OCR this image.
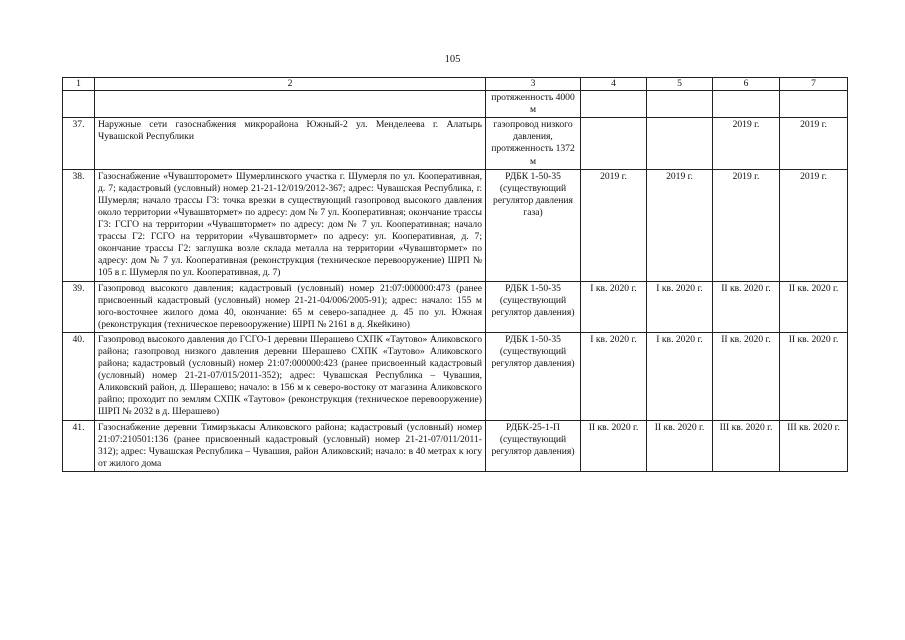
105
1	2	3	4	5	6	7
		протяженность 4000 м				
37.	Наружные сети газоснабжения микрорайона Южный-2 ул. Менделеева г. Алатырь Чувашской Республики	газопровод низкого давления, протяженность 1372 м			2019 г.	2019 г.
38.	Газоснабжение «Чувашторомет» Шумерлинского участка г. Шумерля по ул. Кооперативная, д. 7; кадастровый (условный) номер 21-21-12/019/2012-367; адрес: Чувашская Республика, г. Шумерля; начало трассы Г3: точка врезки в существующий газопровод высокого давления около территории «Чувашвтормет» по адресу: дом № 7 ул. Кооперативная; окончание трассы Г3: ГСГО на территории «Чувашвтормет» по адресу: дом № 7 ул. Кооперативная; начало трассы Г2: ГСГО на территории «Чувашвтормет» по адресу: ул. Кооперативная, д. 7; окончание трассы Г2: заглушка возле склада металла на территории «Чувашвтормет» по адресу: дом № 7 ул. Кооперативная (реконструкция (техническое перевооружение) ШРП № 105 в г. Шумерля по ул. Кооперативная, д. 7)	РДБК 1-50-35 (существующий регулятор давления газа)	2019 г.	2019 г.	2019 г.	2019 г.
39.	Газопровод высокого давления; кадастровый (условный) номер 21:07:000000:473 (ранее присвоенный кадастровый (условный) номер 21-21-04/006/2005-91); адрес: начало: 155 м юго-восточнее жилого дома 40, окончание: 65 м северо-западнее д. 45 по ул. Южная (реконструкция (техническое перевооружение) ШРП № 2161 в д. Якейкино)	РДБК 1-50-35 (существующий регулятор давления)	I кв. 2020 г.	I кв. 2020 г.	II кв. 2020 г.	II кв. 2020 г.
40.	Газопровод высокого давления до ГСГО-1 деревни Шерашево СХПК «Таутово» Аликовского района; газопровод низкого давления деревни Шерашево СХПК «Таутово» Аликовского района; кадастровый (условный) номер 21:07:000000:423 (ранее присвоенный кадастровый (условный) номер 21-21-07/015/2011-352); адрес: Чувашская Республика – Чувашия, Аликовский район, д. Шерашево; начало: в 156 м к северо-востоку от магазина Аликовского райпо; проходит по землям СХПК «Таутово» (реконструкция (техническое перевооружение) ШРП № 2032 в д. Шерашево)	РДБК 1-50-35 (существующий регулятор давления)	I кв. 2020 г.	I кв. 2020 г.	II кв. 2020 г.	II кв. 2020 г.
41.	Газоснабжение деревни Тимирзькасы Аликовского района; кадастровый (условный) номер 21:07:210501:136 (ранее присвоенный кадастровый (условный) номер 21-21-07/011/2011-312); адрес: Чувашская Республика – Чувашия, район Аликовский; начало: в 40 метрах к югу от жилого дома	РДБК-25-1-П (существующий регулятор давления)	II кв. 2020 г.	II кв. 2020 г.	III кв. 2020 г.	III кв. 2020 г.
